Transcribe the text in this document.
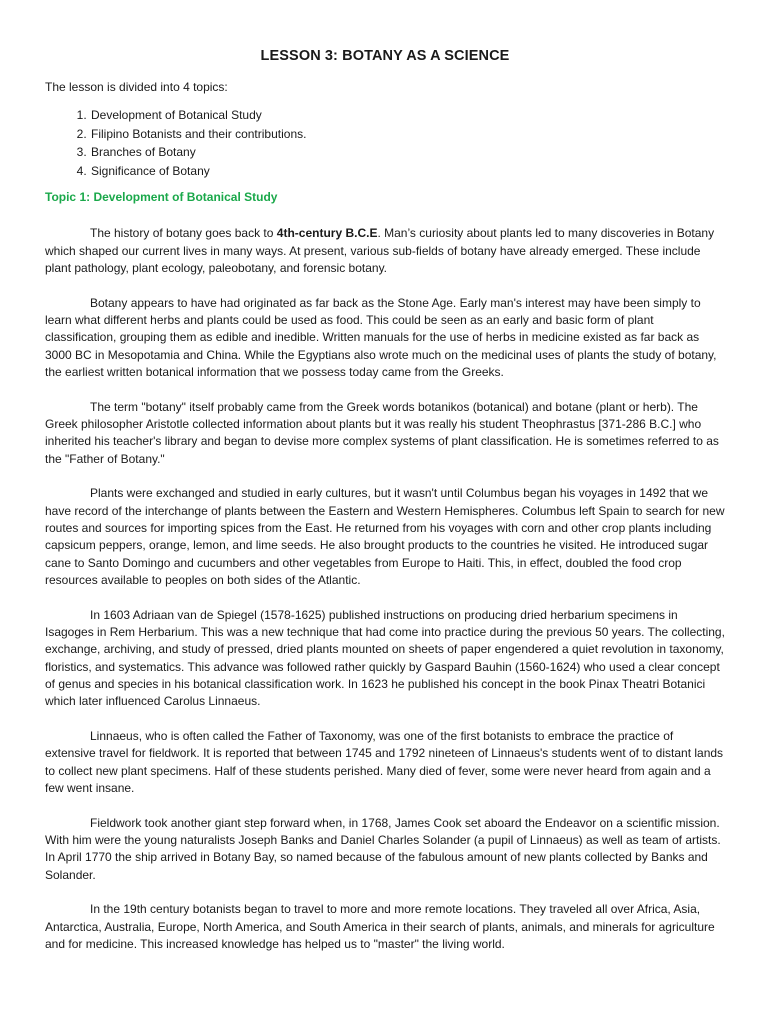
LESSON 3: BOTANY AS A SCIENCE

The lesson is divided into 4 topics:

1. Development of Botanical Study
2. Filipino Botanists and their contributions.
3. Branches of Botany
4. Significance of Botany
Topic 1: Development of Botanical Study

The history of botany goes back to 4th-century B.C.E. Man’s curiosity about plants led to many discoveries in Botany which shaped our current lives in many ways. At present, various sub-fields of botany have already emerged. These include plant pathology, plant ecology, paleobotany, and forensic botany.

Botany appears to have had originated as far back as the Stone Age. Early man's interest may have been simply to learn what different herbs and plants could be used as food. This could be seen as an early and basic form of plant classification, grouping them as edible and inedible. Written manuals for the use of herbs in medicine existed as far back as 3000 BC in Mesopotamia and China. While the Egyptians also wrote much on the medicinal uses of plants the study of botany, the earliest written botanical information that we possess today came from the Greeks.

The term "botany" itself probably came from the Greek words botanikos (botanical) and botane (plant or herb). The Greek philosopher Aristotle collected information about plants but it was really his student Theophrastus [371-286 B.C.] who inherited his teacher's library and began to devise more complex systems of plant classification. He is sometimes referred to as the "Father of Botany."

Plants were exchanged and studied in early cultures, but it wasn't until Columbus began his voyages in 1492 that we have record of the interchange of plants between the Eastern and Western Hemispheres. Columbus left Spain to search for new routes and sources for importing spices from the East. He returned from his voyages with corn and other crop plants including capsicum peppers, orange, lemon, and lime seeds. He also brought products to the countries he visited. He introduced sugar cane to Santo Domingo and cucumbers and other vegetables from Europe to Haiti. This, in effect, doubled the food crop resources available to peoples on both sides of the Atlantic.

In 1603 Adriaan van de Spiegel (1578-1625) published instructions on producing dried herbarium specimens in Isagoges in Rem Herbarium. This was a new technique that had come into practice during the previous 50 years. The collecting, exchange, archiving, and study of pressed, dried plants mounted on sheets of paper engendered a quiet revolution in taxonomy, floristics, and systematics. This advance was followed rather quickly by Gaspard Bauhin (1560-1624) who used a clear concept of genus and species in his botanical classification work. In 1623 he published his concept in the book Pinax Theatri Botanici which later influenced Carolus Linnaeus.

Linnaeus, who is often called the Father of Taxonomy, was one of the first botanists to embrace the practice of extensive travel for fieldwork. It is reported that between 1745 and 1792 nineteen of Linnaeus's students went of to distant lands to collect new plant specimens. Half of these students perished. Many died of fever, some were never heard from again and a few went insane.

Fieldwork took another giant step forward when, in 1768, James Cook set aboard the Endeavor on a scientific mission. With him were the young naturalists Joseph Banks and Daniel Charles Solander (a pupil of Linnaeus) as well as team of artists. In April 1770 the ship arrived in Botany Bay, so named because of the fabulous amount of new plants collected by Banks and Solander.

In the 19th century botanists began to travel to more and more remote locations. They traveled all over Africa, Asia, Antarctica, Australia, Europe, North America, and South America in their search of plants, animals, and minerals for agriculture and for medicine. This increased knowledge has helped us to "master" the living world.
